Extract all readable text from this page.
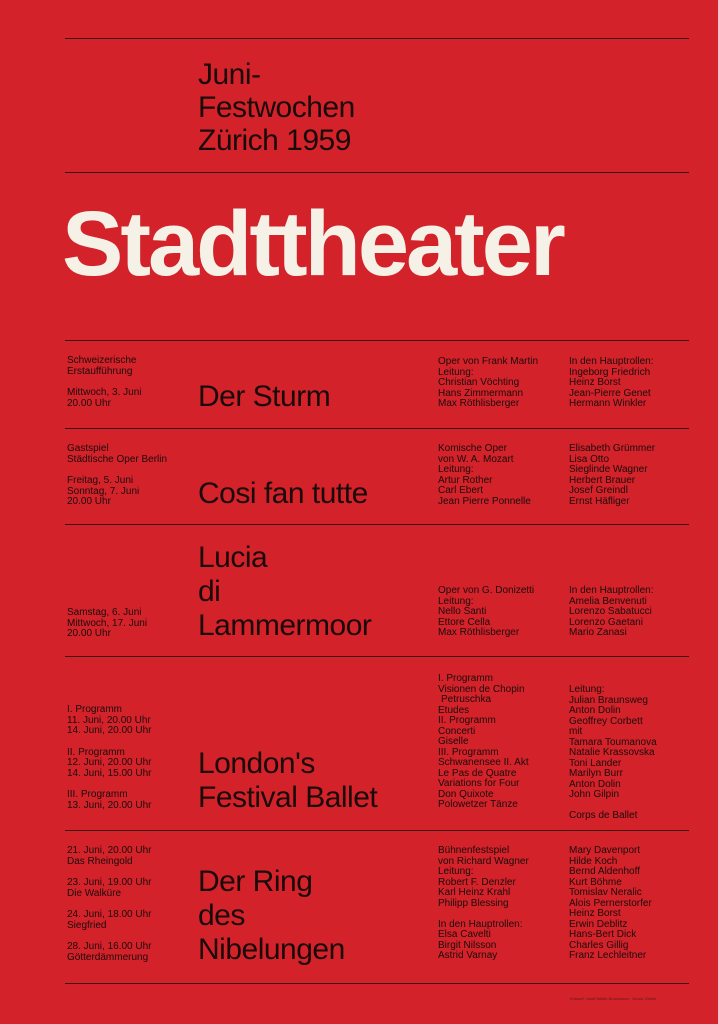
Juni-
Festwochen
Zürich 1959
Stadttheater
Schweizerische
Erstaufführung
Mittwoch, 3. Juni
20.00 Uhr	Der Sturm
Oper von Frank Martin
Leitung:
Christian Vöchting
Hans Zimmermann
Max Röthlisberger
In den Hauptrollen:
Ingeborg Friedrich
Heinz Borst
Jean-Pierre Genet
Hermann Winkler
Gastspiel
Städtische Oper Berlin
Freitag, 5. Juni
Sonntag, 7. Juni
20.00 Uhr	Cosi fan tutte
Komische Oper
von W. A. Mozart
Leitung:
Artur Rother
Carl Ebert
Jean Pierre Ponnelle
Elisabeth Grümmer
Lisa Otto
Sieglinde Wagner
Herbert Brauer
Josef Greindl
Ernst Häfliger
Samstag, 6. Juni
Mittwoch, 17. Juni
20.00 Uhr
Lucia
di
Lammermoor
Oper von G. Donizetti
Leitung:
Nello Santi
Ettore Cella
Max Röthlisberger
In den Hauptrollen:
Amelia Benvenuti
Lorenzo Sabatucci
Lorenzo Gaetani
Mario Zanasi
I. Programm
11. Juni, 20.00 Uhr
14. Juni, 20.00 Uhr
II. Programm
12. Juni, 20.00 Uhr
14. Juni, 15.00 Uhr
III. Programm
13. Juni, 20.00 Uhr
London's
Festival Ballet
I. Programm
Visionen de Chopin
Petruschka
Etudes
II. Programm
Concerti
Giselle
III. Programm
Schwanensee II. Akt
Le Pas de Quatre
Variations for Four
Don Quixote
Polowetzer Tänze
Leitung:
Julian Braunsweg
Anton Dolin
Geoffrey Corbett
mit
Tamara Toumanova
Natalie Krassovska
Toni Lander
Marilyn Burr
Anton Dolin
John Gilpin
Corps de Ballet
21. Juni, 20.00 Uhr
Das Rheingold
23. Juni, 19.00 Uhr
Die Walküre
24. Juni, 18.00 Uhr
Siegfried
28. Juni, 16.00 Uhr
Götterdämmerung
Der Ring
des
Nibelungen
Bühnenfestspiel
von Richard Wagner
Leitung:
Robert F. Denzler
Karl Heinz Krahl
Philipp Blessing
In den Hauptrollen:
Elsa Cavelti
Birgit Nilsson
Astrid Varnay
Mary Davenport
Hilde Koch
Bernd Aldenhoff
Kurt Böhme
Tomislav Neralic
Alois Pernerstorfer
Heinz Borst
Erwin Deblitz
Hans-Bert Dick
Charles Gillig
Franz Lechleitner
Entwurf: Josef Müller-Brockmann · Druck: Zürich
